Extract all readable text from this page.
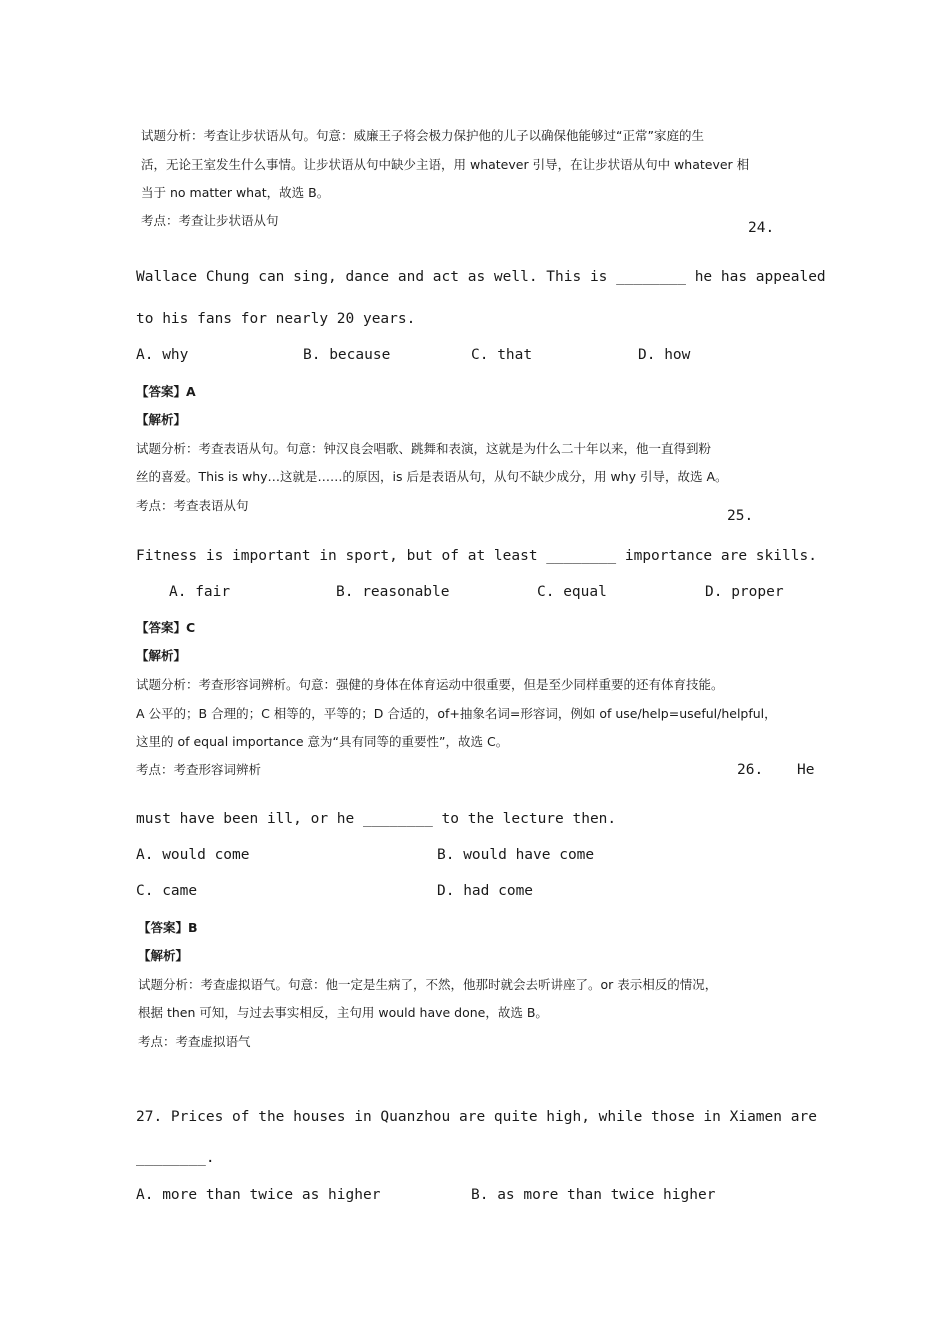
试题分析：考查让步状语从句。句意：威廉王子将会极力保护他的儿子以确保他能够过“正常”家庭的生
活，无论王室发生什么事情。让步状语从句中缺少主语，用 whatever 引导，在让步状语从句中 whatever 相
当于 no matter what，故选 B。
考点：考查让步状语从句	24.
Wallace Chung can sing, dance and act as well. This is ________ he has appealed
to his fans for nearly 20 years.
A. why	B. because	C. that	D. how
【答案】A
【解析】
试题分析：考查表语从句。句意：钟汉良会唱歌、跳舞和表演，这就是为什么二十年以来，他一直得到粉
丝的喜爱。This is why…这就是……的原因，is 后是表语从句，从句不缺少成分，用 why 引导，故选 A。
考点：考查表语从句
25.
Fitness is important in sport, but of at least ________ importance are skills.
A. fair	B. reasonable	C. equal	D. proper
【答案】C
【解析】
试题分析：考查形容词辨析。句意：强健的身体在体育运动中很重要，但是至少同样重要的还有体育技能。
A 公平的；B 合理的；C 相等的，平等的；D 合适的，of+抽象名词=形容词，例如 of use/help=useful/helpful，
这里的 of equal importance 意为“具有同等的重要性”，故选 C。
考点：考查形容词辨析	26. He
must have been ill, or he ________ to the lecture then.
A. would come	B. would have come
C. came	D. had come
【答案】B
【解析】
试题分析：考查虚拟语气。句意：他一定是生病了，不然，他那时就会去听讲座了。or 表示相反的情况，
根据 then 可知，与过去事实相反，主句用 would have done，故选 B。
考点：考查虚拟语气
27. Prices of the houses in Quanzhou are quite high, while those in Xiamen are
________.
A. more than twice as higher	B. as more than twice higher
